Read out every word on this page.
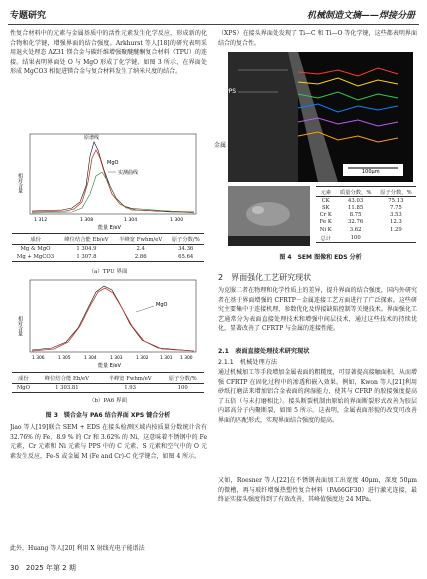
专题研究	机械制造文摘——焊接分册
性复合材料中的元素与金属基质中的活性元素发生化学反应，形成新的化合物和化学键，增强界面的结合强度。Arkhurst 等人[18]的研究表明采用退火处理态 AZ31 镁合金与碳纤维增强聚醚醚酮复合材料（TPU）的连接。结果表明界面处 O 与 MgO 形成了化学键，如图 3 所示，在界面处形成 MgCO3 相促进镁合金与复合材料发生了纳米尺度的结合。
相对含量
原谱线
MgO
实测曲线
1 312	1 308	1 304	1 300
能量 E/eV
成份	峰位结合能 Eb/eV	半峰宽 Fwhm/eV	原子分数/%
Mg & MgO	1 304.9	2.4	34.36
Mg + MgCO3	1 307.8	2.86	65.64
（a）TPU 界面
相对含量
MgO
1 306	1 305	1 304	1 303	1 302	1 301 1 300
能量 E/eV
成份	峰位结合能 Eb/eV	半峰宽 Fwhm/eV	原子分数/%
MgO	1 303.81	1.93	100
（b）PA6 界面
图 3　镁合金与 PA6 结合界面 XPS 键合分析
Jiao 等人[19]联合 SEM + EDS 在接头检测区域内按质量分数统计含有 32.76% 的 Fe、8.9 % 的 Cr 和 3.62% 的 Ni，这意味着不锈钢中的 Fe 元素，Cr 元素和 Ni 元素与 PPS 中的 C 元素、S 元素和空气中的 O 元素发生反应，Fe-S 或金属 M (Fe and Cr)-C 化学键合，如图 4 所示。
此外，Huang 等人[20] 利用 X 射线光电子能谱法
（XPS）在接头界面处发现了 Ti—C 和 Ti—O 等化学键，这些都表明界面结合的复合性。
PPS
金属
100μm
元素	质量分数，%	原子分数，%
CK	43.03	75.13
SK	11.85	7.75
Cr K	8.75	3.53
Fe K	32.76	12.3
Ni K	3.62	1.29
总计	100	
图 4　SEM 图像和 EDS 分析
2　界面强化工艺研究现状
为克服二者在物理和化学性质上的差异，提升界面的结合强度，国内外研究者在基于界面增强的 CFRTP－金属连接工艺方面进行了广泛探索。这些研究主要集中于连接机理、参数优化及焊接缺陷控制等关键技术。界面强化工艺通常分为表面直接处理技术和增强中间层技术，通过这些技术的持续优化，显著改善了 CFRTP 与金属的连接性能。
2.1　表面直接处理技术研究现状
2.1.1　机械处理方法
通过机械加工等手段增加金属表面的粗糙度，可显著提高接触面积，从而增强 CFRTP 在固化过程中的渗透和嵌入效果。例如，Kwon 等人[21]利用砂纸打磨法来增加铝合金表面的润湿能力，使其与 CFRP 的胶接强度提高了五倍（与未打磨相比）。接头断裂机制由原始的界面断裂形式改善为胶层内部高分子内聚断裂，如图 5 所示。这表明，金属表面形貌的改变可改善界面的匹配形式，实现界面结合强度的提高。
又如，Roesner 等人[22]在不锈钢表面加工出宽度 40μm，深度 50μm 的微槽，再与玻纤增强热塑性复合材料（PA66GF30）进行激光连接，最终证实接头强度得到了有效改善，其峰值强度达 24 MPa。
30　2025 年第 2 期
